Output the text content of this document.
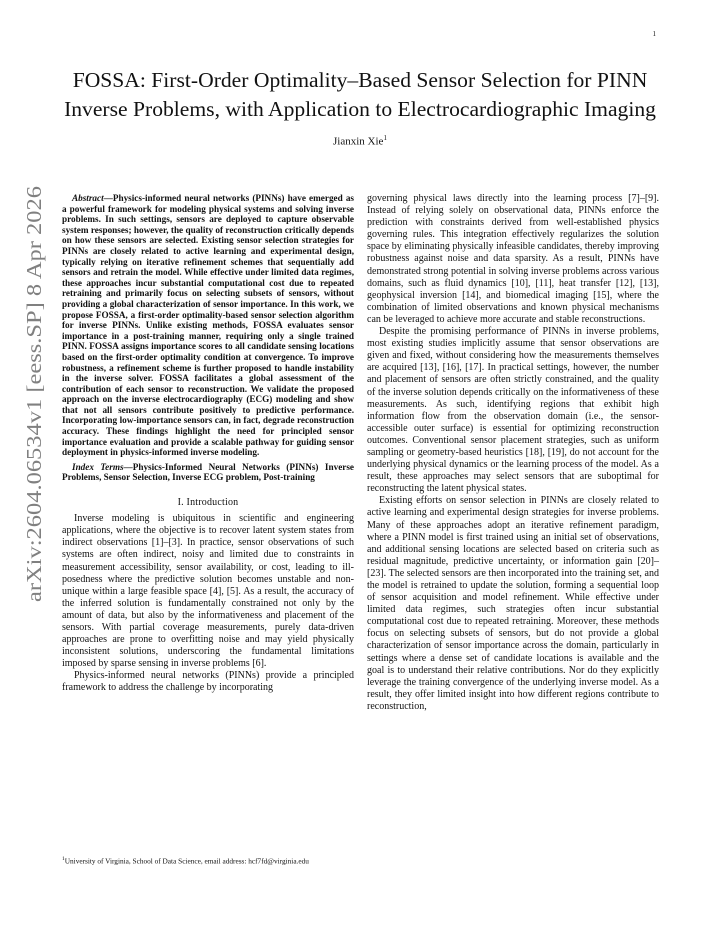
1
arXiv:2604.06534v1 [eess.SP] 8 Apr 2026
FOSSA: First-Order Optimality–Based Sensor Selection for PINN
Inverse Problems, with Application to Electrocardiographic Imaging
Jianxin Xie$^1$

Abstract—Physics-informed neural networks (PINNs) have emerged as a powerful framework for modeling physical systems and solving inverse problems. In such settings, sensors are deployed to capture observable system responses; however, the quality of reconstruction critically depends on how these sensors are selected. Existing sensor selection strategies for PINNs are closely related to active learning and experimental design, typically relying on iterative refinement schemes that sequentially add sensors and retrain the model. While effective under limited data regimes, these approaches incur substantial computational cost due to repeated retraining and primarily focus on selecting subsets of sensors, without providing a global characterization of sensor importance. In this work, we propose FOSSA, a first-order optimality-based sensor selection algorithm for inverse PINNs. Unlike existing methods, FOSSA evaluates sensor importance in a post-training manner, requiring only a single trained PINN. FOSSA assigns importance scores to all candidate sensing locations based on the first-order optimality condition at convergence. To improve robustness, a refinement scheme is further proposed to handle instability in the inverse solver. FOSSA facilitates a global assessment of the contribution of each sensor to reconstruction. We validate the proposed approach on the inverse electrocardiography (ECG) modeling and show that not all sensors contribute positively to predictive performance. Incorporating low-importance sensors can, in fact, degrade reconstruction accuracy. These findings highlight the need for principled sensor importance evaluation and provide a scalable pathway for guiding sensor deployment in physics-informed inverse modeling.

Index Terms—Physics-Informed Neural Networks (PINNs) Inverse Problems, Sensor Selection, Inverse ECG problem, Post-training

I. Introduction

Inverse modeling is ubiquitous in scientific and engineering applications, where the objective is to recover latent system states from indirect observations [1]–[3]. In practice, sensor observations of such systems are often indirect, noisy and limited due to constraints in measurement accessibility, sensor availability, or cost, leading to ill-posedness where the predictive solution becomes unstable and non-unique within a large feasible space [4], [5]. As a result, the accuracy of the inferred solution is fundamentally constrained not only by the amount of data, but also by the informativeness and placement of the sensors. With partial coverage measurements, purely data-driven approaches are prone to overfitting noise and may yield physically inconsistent solutions, underscoring the fundamental limitations imposed by sparse sensing in inverse problems [6].

Physics-informed neural networks (PINNs) provide a principled framework to address the challenge by incorporating

governing physical laws directly into the learning process [7]–[9]. Instead of relying solely on observational data, PINNs enforce the prediction with constraints derived from well-established physics governing rules. This integration effectively regularizes the solution space by eliminating physically infeasible candidates, thereby improving robustness against noise and data sparsity. As a result, PINNs have demonstrated strong potential in solving inverse problems across various domains, such as fluid dynamics [10], [11], heat transfer [12], [13], geophysical inversion [14], and biomedical imaging [15], where the combination of limited observations and known physical mechanisms can be leveraged to achieve more accurate and stable reconstructions.

Despite the promising performance of PINNs in inverse problems, most existing studies implicitly assume that sensor observations are given and fixed, without considering how the measurements themselves are acquired [13], [16], [17]. In practical settings, however, the number and placement of sensors are often strictly constrained, and the quality of the inverse solution depends critically on the informativeness of these measurements. As such, identifying regions that exhibit high information flow from the observation domain (i.e., the sensor-accessible outer surface) is essential for optimizing reconstruction outcomes. Conventional sensor placement strategies, such as uniform sampling or geometry-based heuristics [18], [19], do not account for the underlying physical dynamics or the learning process of the model. As a result, these approaches may select sensors that are suboptimal for reconstructing the latent physical states.

Existing efforts on sensor selection in PINNs are closely related to active learning and experimental design strategies for inverse problems. Many of these approaches adopt an iterative refinement paradigm, where a PINN model is first trained using an initial set of observations, and additional sensing locations are selected based on criteria such as residual magnitude, predictive uncertainty, or information gain [20]–[23]. The selected sensors are then incorporated into the training set, and the model is retrained to update the solution, forming a sequential loop of sensor acquisition and model refinement. While effective under limited data regimes, such strategies often incur substantial computational cost due to repeated retraining. Moreover, these methods focus on selecting subsets of sensors, but do not provide a global characterization of sensor importance across the domain, particularly in settings where a dense set of candidate locations is available and the goal is to understand their relative contributions. Nor do they explicitly leverage the training convergence of the underlying inverse model. As a result, they offer limited insight into how different regions contribute to reconstruction,

$^1$University of Virginia, School of Data Science, email address: hcf7fd@virginia.edu
